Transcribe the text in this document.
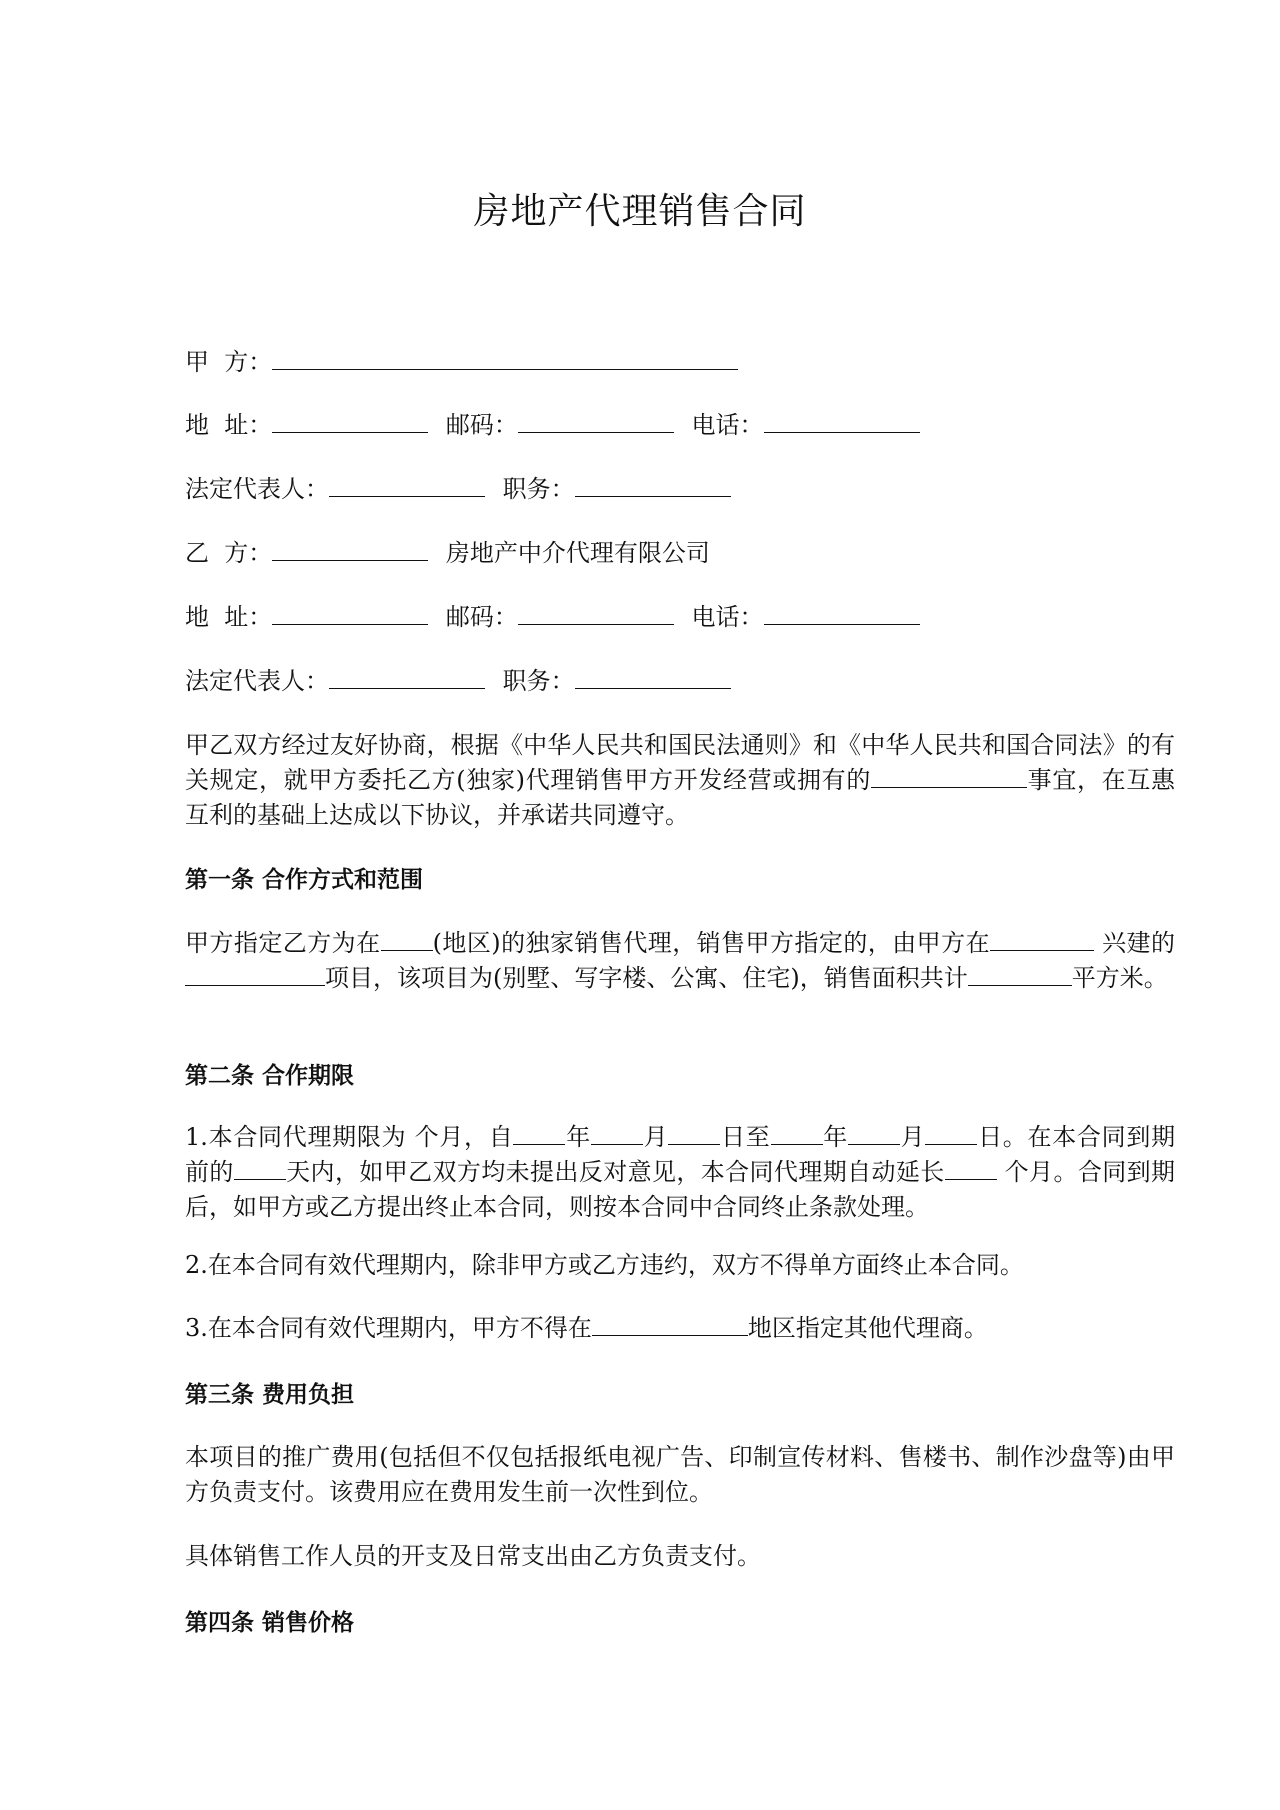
房地产代理销售合同
甲  方：
地  址：	邮码：	电话：
法定代表人：	职务：
乙  方：	房地产中介代理有限公司
地  址：	邮码：	电话：
法定代表人：	职务：

甲乙双方经过友好协商，根据《中华人民共和国民法通则》和《中华人民共和国合同法》的有关规定，就甲方委托乙方(独家)代理销售甲方开发经营或拥有的	事宜，在互惠互利的基础上达成以下协议，并承诺共同遵守。

第一条 合作方式和范围

甲方指定乙方为在 (地区)的独家销售代理，销售甲方指定的，由甲方在	兴建的项目，该项目为(别墅、写字楼、公寓、住宅)，销售面积共计	平方米。

第二条 合作期限

1.本合同代理期限为 个月，自 年 月 日至 年 月 日。在本合同到期前的 天内，如甲乙双方均未提出反对意见，本合同代理期自动延长 个月。合同到期后，如甲方或乙方提出终止本合同，则按本合同中合同终止条款处理。

2.在本合同有效代理期内，除非甲方或乙方违约，双方不得单方面终止本合同。

3.在本合同有效代理期内，甲方不得在	地区指定其他代理商。

第三条 费用负担

本项目的推广费用(包括但不仅包括报纸电视广告、印制宣传材料、售楼书、制作沙盘等)由甲方负责支付。该费用应在费用发生前一次性到位。

具体销售工作人员的开支及日常支出由乙方负责支付。

第四条 销售价格
